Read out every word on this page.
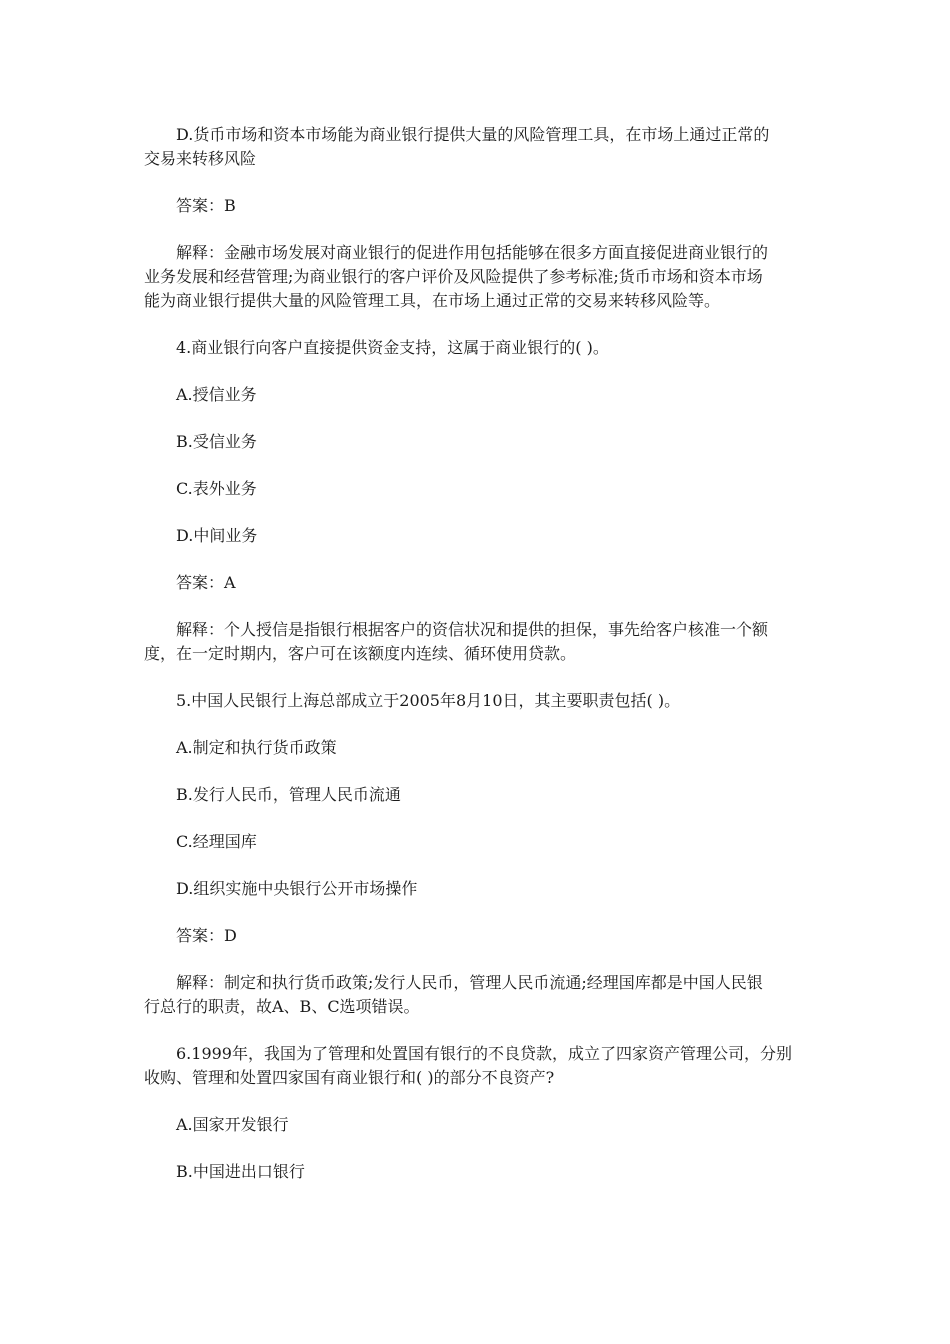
D.货币市场和资本市场能为商业银行提供大量的风险管理工具，在市场上通过正常的
交易来转移风险
答案：B
解释：金融市场发展对商业银行的促进作用包括能够在很多方面直接促进商业银行的
业务发展和经营管理;为商业银行的客户评价及风险提供了参考标准;货币市场和资本市场
能为商业银行提供大量的风险管理工具，在市场上通过正常的交易来转移风险等。
4.商业银行向客户直接提供资金支持，这属于商业银行的( )。
A.授信业务
B.受信业务
C.表外业务
D.中间业务
答案：A
解释：个人授信是指银行根据客户的资信状况和提供的担保，事先给客户核准一个额
度，在一定时期内，客户可在该额度内连续、循环使用贷款。
5.中国人民银行上海总部成立于2005年8月10日，其主要职责包括( )。
A.制定和执行货币政策
B.发行人民币，管理人民币流通
C.经理国库
D.组织实施中央银行公开市场操作
答案：D
解释：制定和执行货币政策;发行人民币，管理人民币流通;经理国库都是中国人民银
行总行的职责，故A、B、C选项错误。
6.1999年，我国为了管理和处置国有银行的不良贷款，成立了四家资产管理公司，分别
收购、管理和处置四家国有商业银行和( )的部分不良资产?
A.国家开发银行
B.中国进出口银行
